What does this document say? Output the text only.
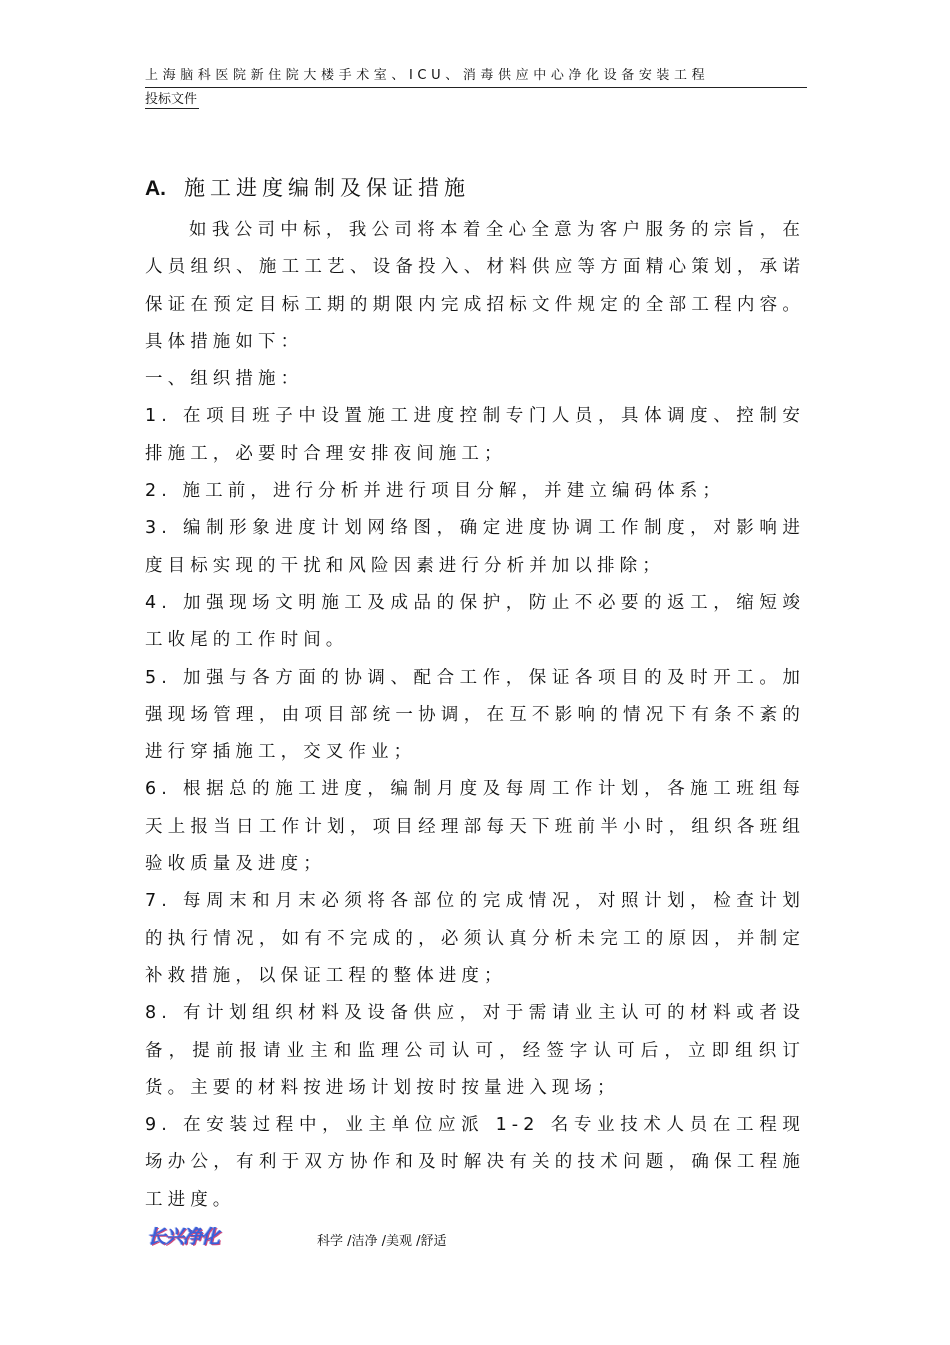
上海脑科医院新住院大楼手术室、ICU、消毒供应中心净化设备安装工程
投标文件
A. 施工进度编制及保证措施

如我公司中标，我公司将本着全心全意为客户服务的宗旨，在人员组织、施工工艺、设备投入、材料供应等方面精心策划，承诺保证在预定目标工期的期限内完成招标文件规定的全部工程内容。具体措施如下：

一、组织措施：

1. 在项目班子中设置施工进度控制专门人员，具体调度、控制安排施工，必要时合理安排夜间施工；

2. 施工前，进行分析并进行项目分解，并建立编码体系；

3. 编制形象进度计划网络图，确定进度协调工作制度，对影响进度目标实现的干扰和风险因素进行分析并加以排除；

4. 加强现场文明施工及成品的保护，防止不必要的返工，缩短竣工收尾的工作时间。

5. 加强与各方面的协调、配合工作，保证各项目的及时开工。加强现场管理，由项目部统一协调，在互不影响的情况下有条不紊的进行穿插施工，交叉作业；

6. 根据总的施工进度，编制月度及每周工作计划，各施工班组每天上报当日工作计划，项目经理部每天下班前半小时，组织各班组验收质量及进度；

7. 每周末和月末必须将各部位的完成情况，对照计划，检查计划的执行情况，如有不完成的，必须认真分析未完工的原因，并制定补救措施，以保证工程的整体进度；

8. 有计划组织材料及设备供应，对于需请业主认可的材料或者设备，提前报请业主和监理公司认可，经签字认可后，立即组织订货。主要的材料按进场计划按时按量进入现场；

9. 在安装过程中，业主单位应派 1-2 名专业技术人员在工程现场办公，有利于双方协作和及时解决有关的技术问题，确保工程施工进度。

长兴净化	科学 /洁净 /美观 /舒适
